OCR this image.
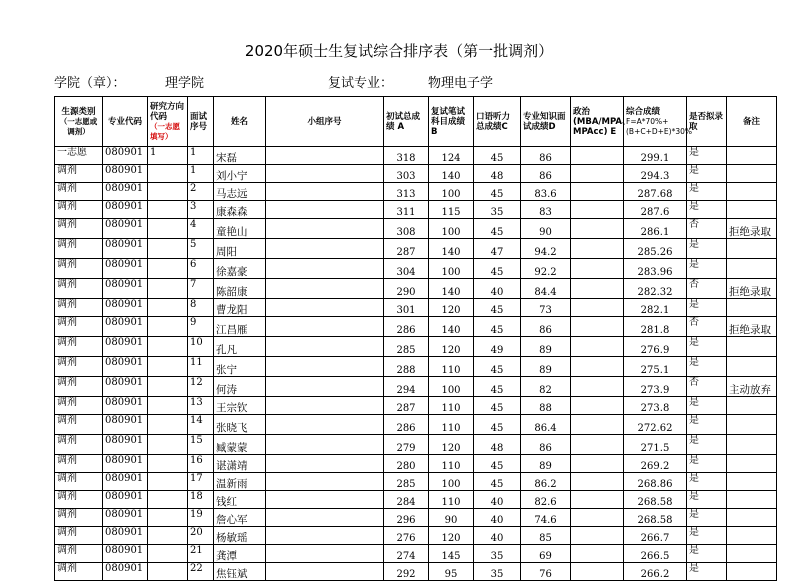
2020年硕士生复试综合排序表（第一批调剂）
学院（章）：	理学院	复试专业：	物理电子学
生源类别
（一志愿或调剂）	专业代码	研究方向代码
（一志愿填写）	面试序号	姓名	小组序号	初试总成绩 A	复试笔试科目成绩B	口语听力总成绩C	专业知识面试成绩D	政治(MBA/MPA、MPAcc) E	综合成绩
F=A*70%+(B+C+D+E)*30%	是否拟录取	备注
一志愿	080901	1	1	宋磊		318	124	45	86		299.1	是	
调剂	080901		1	刘小宁		303	140	48	86		294.3	是	
调剂	080901		2	马志远		313	100	45	83.6		287.68	是	
调剂	080901		3	康森森		311	115	35	83		287.6	是	
调剂	080901		4	童艳山		308	100	45	90		286.1	否	拒绝录取
调剂	080901		5	周阳		287	140	47	94.2		285.26	是	
调剂	080901		6	徐嘉豪		304	100	45	92.2		283.96	是	
调剂	080901		7	陈韶康		290	140	40	84.4		282.32	否	拒绝录取
调剂	080901		8	曹龙阳		301	120	45	73		282.1	是	
调剂	080901		9	江昌雁		286	140	45	86		281.8	否	拒绝录取
调剂	080901		10	孔凡		285	120	49	89		276.9	是	
调剂	080901		11	张宁		288	110	45	89		275.1	是	
调剂	080901		12	何涛		294	100	45	82		273.9	否	主动放弃
调剂	080901		13	王宗钦		287	110	45	88		273.8	是	
调剂	080901		14	张晓飞		286	110	45	86.4		272.62	是	
调剂	080901		15	臧蒙蒙		279	120	48	86		271.5	是	
调剂	080901		16	谌潇靖		280	110	45	89		269.2	是	
调剂	080901		17	温新雨		285	100	45	86.2		268.86	是	
调剂	080901		18	钱红		284	110	40	82.6		268.58	是	
调剂	080901		19	詹心军		296	90	40	74.6		268.58	是	
调剂	080901		20	杨敏瑶		276	120	40	85		266.7	是	
调剂	080901		21	龚潭		274	145	35	69		266.5	是	
调剂	080901		22	焦钰斌		292	95	35	76		266.2	是	
